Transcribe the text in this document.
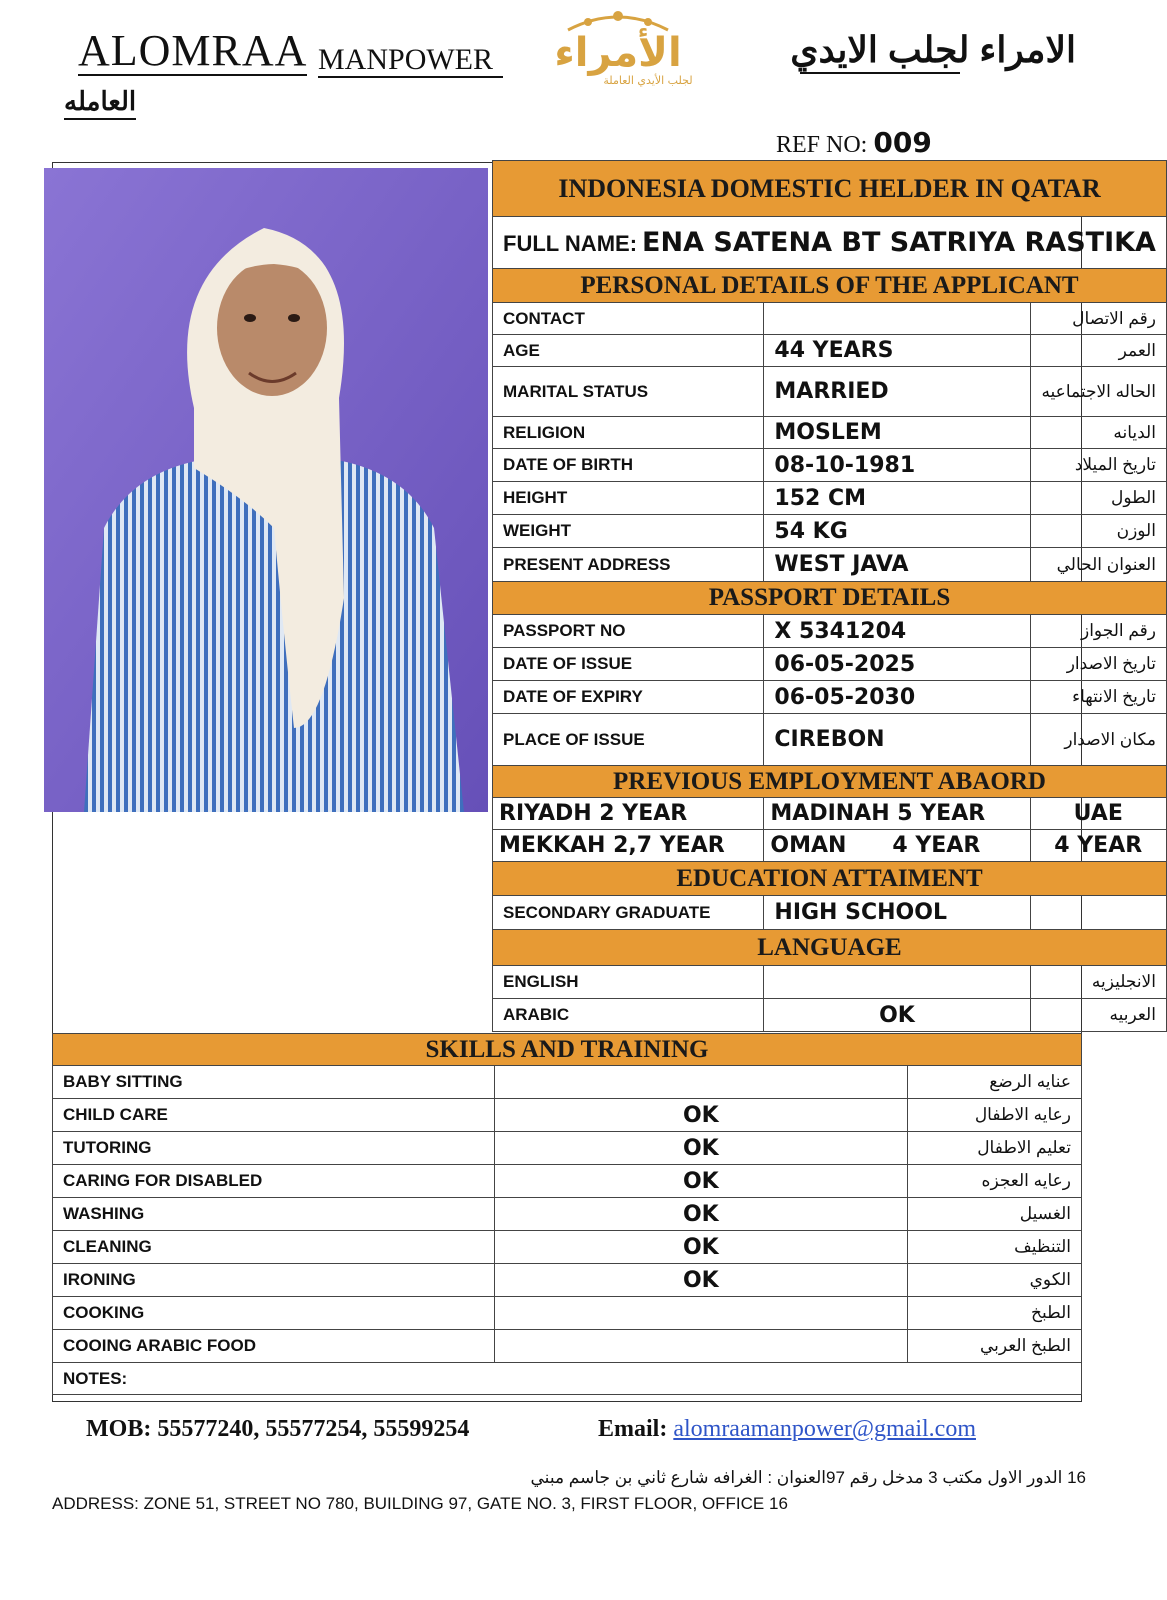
ALOMRAA MANPOWER الأمراء
لجلب الأيدي العاملة
الامراء لجلب الايدي
العامله
REF NO: 009
INDONESIA DOMESTIC HELDER IN QATAR		
FULL NAME: ENA SATENA BT SATRIYA RASTIKA		
PERSONAL DETAILS OF THE APPLICANT		
CONTACT		رقم الاتصال
AGE	44 YEARS	العمر
MARITAL STATUS	MARRIED	الحاله الاجتماعيه
RELIGION	MOSLEM	الديانه
DATE OF BIRTH	08-10-1981	تاريخ الميلاد
HEIGHT	152 CM	الطول
WEIGHT	54 KG	الوزن
PRESENT ADDRESS	WEST JAVA	العنوان الحالي
PASSPORT DETAILS		
PASSPORT NO	X 5341204	رقم الجواز
DATE OF ISSUE	06-05-2025	تاريخ الاصدار
DATE OF EXPIRY	06-05-2030	تاريخ الانتهاء
PLACE OF ISSUE	CIREBON	مكان الاصدار
PREVIOUS EMPLOYMENT ABAORD		
RIYADH 2 YEAR	MADINAH 5 YEAR	UAE
MEKKAH 2,7 YEAR	OMAN      4 YEAR	4 YEAR
EDUCATION ATTAIMENT		
SECONDARY GRADUATE	HIGH SCHOOL	
LANGUAGE		
ENGLISH		الانجليزيه
ARABIC	OK	العربيه
SKILLS AND TRAINING		
BABY SITTING		عنايه الرضع
CHILD CARE	OK	رعايه الاطفال
TUTORING	OK	تعليم الاطفال
CARING FOR DISABLED	OK	رعايه العجزه
WASHING	OK	الغسيل
CLEANING	OK	التنظيف
IRONING	OK	الكوي
COOKING		الطبخ
COOING ARABIC FOOD		الطبخ العربي
NOTES:		
MOB: 55577240, 55577254, 55599254	Email: alomraamanpower@gmail.com
16 الدور الاول مكتب 3 مدخل رقم 97العنوان : الغرافه شارع ثاني بن جاسم مبني
ADDRESS: ZONE 51, STREET NO 780, BUILDING 97, GATE NO. 3, FIRST FLOOR, OFFICE 16
